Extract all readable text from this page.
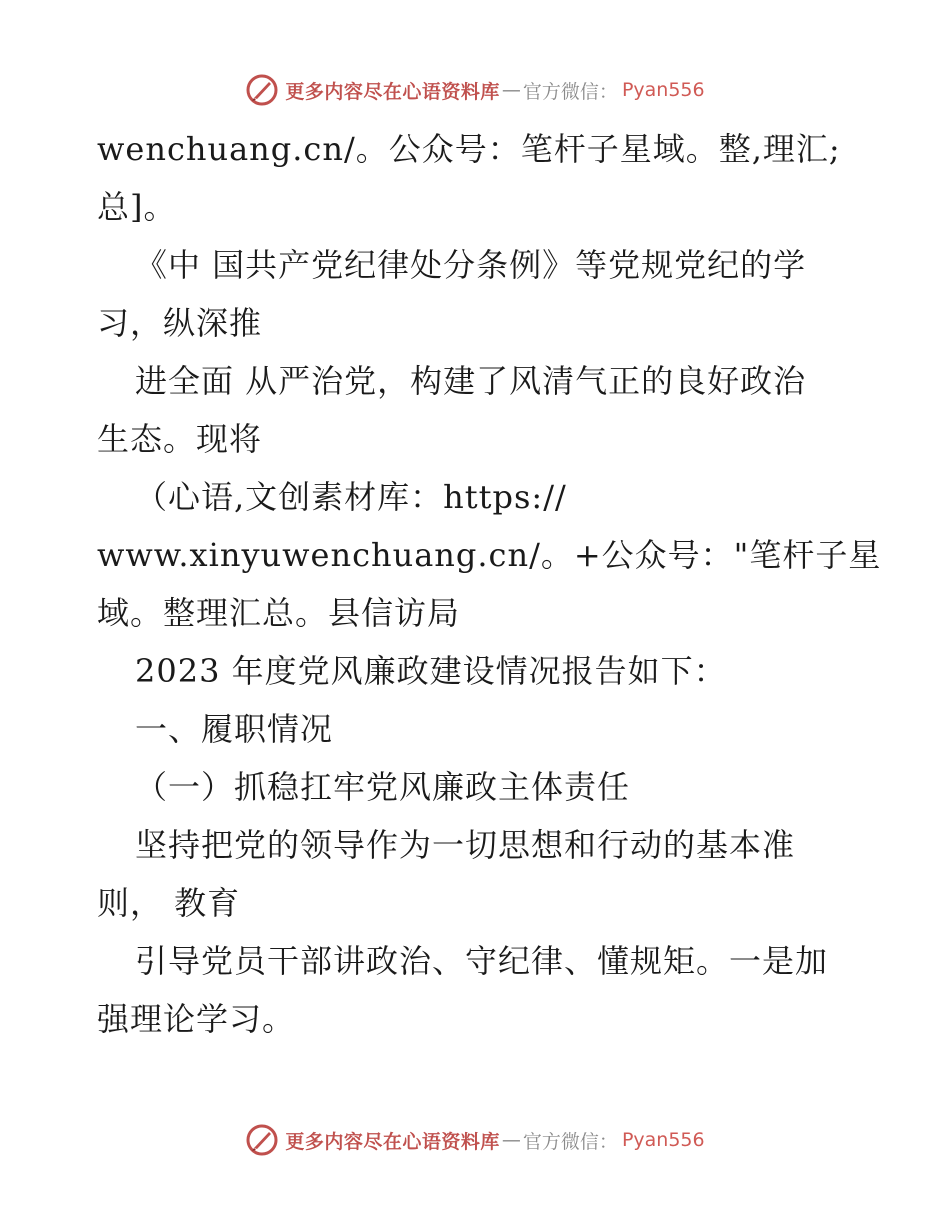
更多内容尽在心语资料库 — 官方微信： Pyan556
wenchuang.cn/。公众号：笔杆子星域。整,理汇;
总]。
《中 国共产党纪律处分条例》等党规党纪的学
习，纵深推
进全面 从严治党，构建了风清气正的良好政治
生态。现将
（心语,文创素材库：https://
www.xinyuwenchuang.cn/。+公众号："笔杆子星
域。整理汇总。县信访局
2023 年度党风廉政建设情况报告如下：
一、履职情况
（一）抓稳扛牢党风廉政主体责任
坚持把党的领导作为一切思想和行动的基本准
则， 教育
引导党员干部讲政治、守纪律、懂规矩。一是加
强理论学习。
更多内容尽在心语资料库 — 官方微信： Pyan556
